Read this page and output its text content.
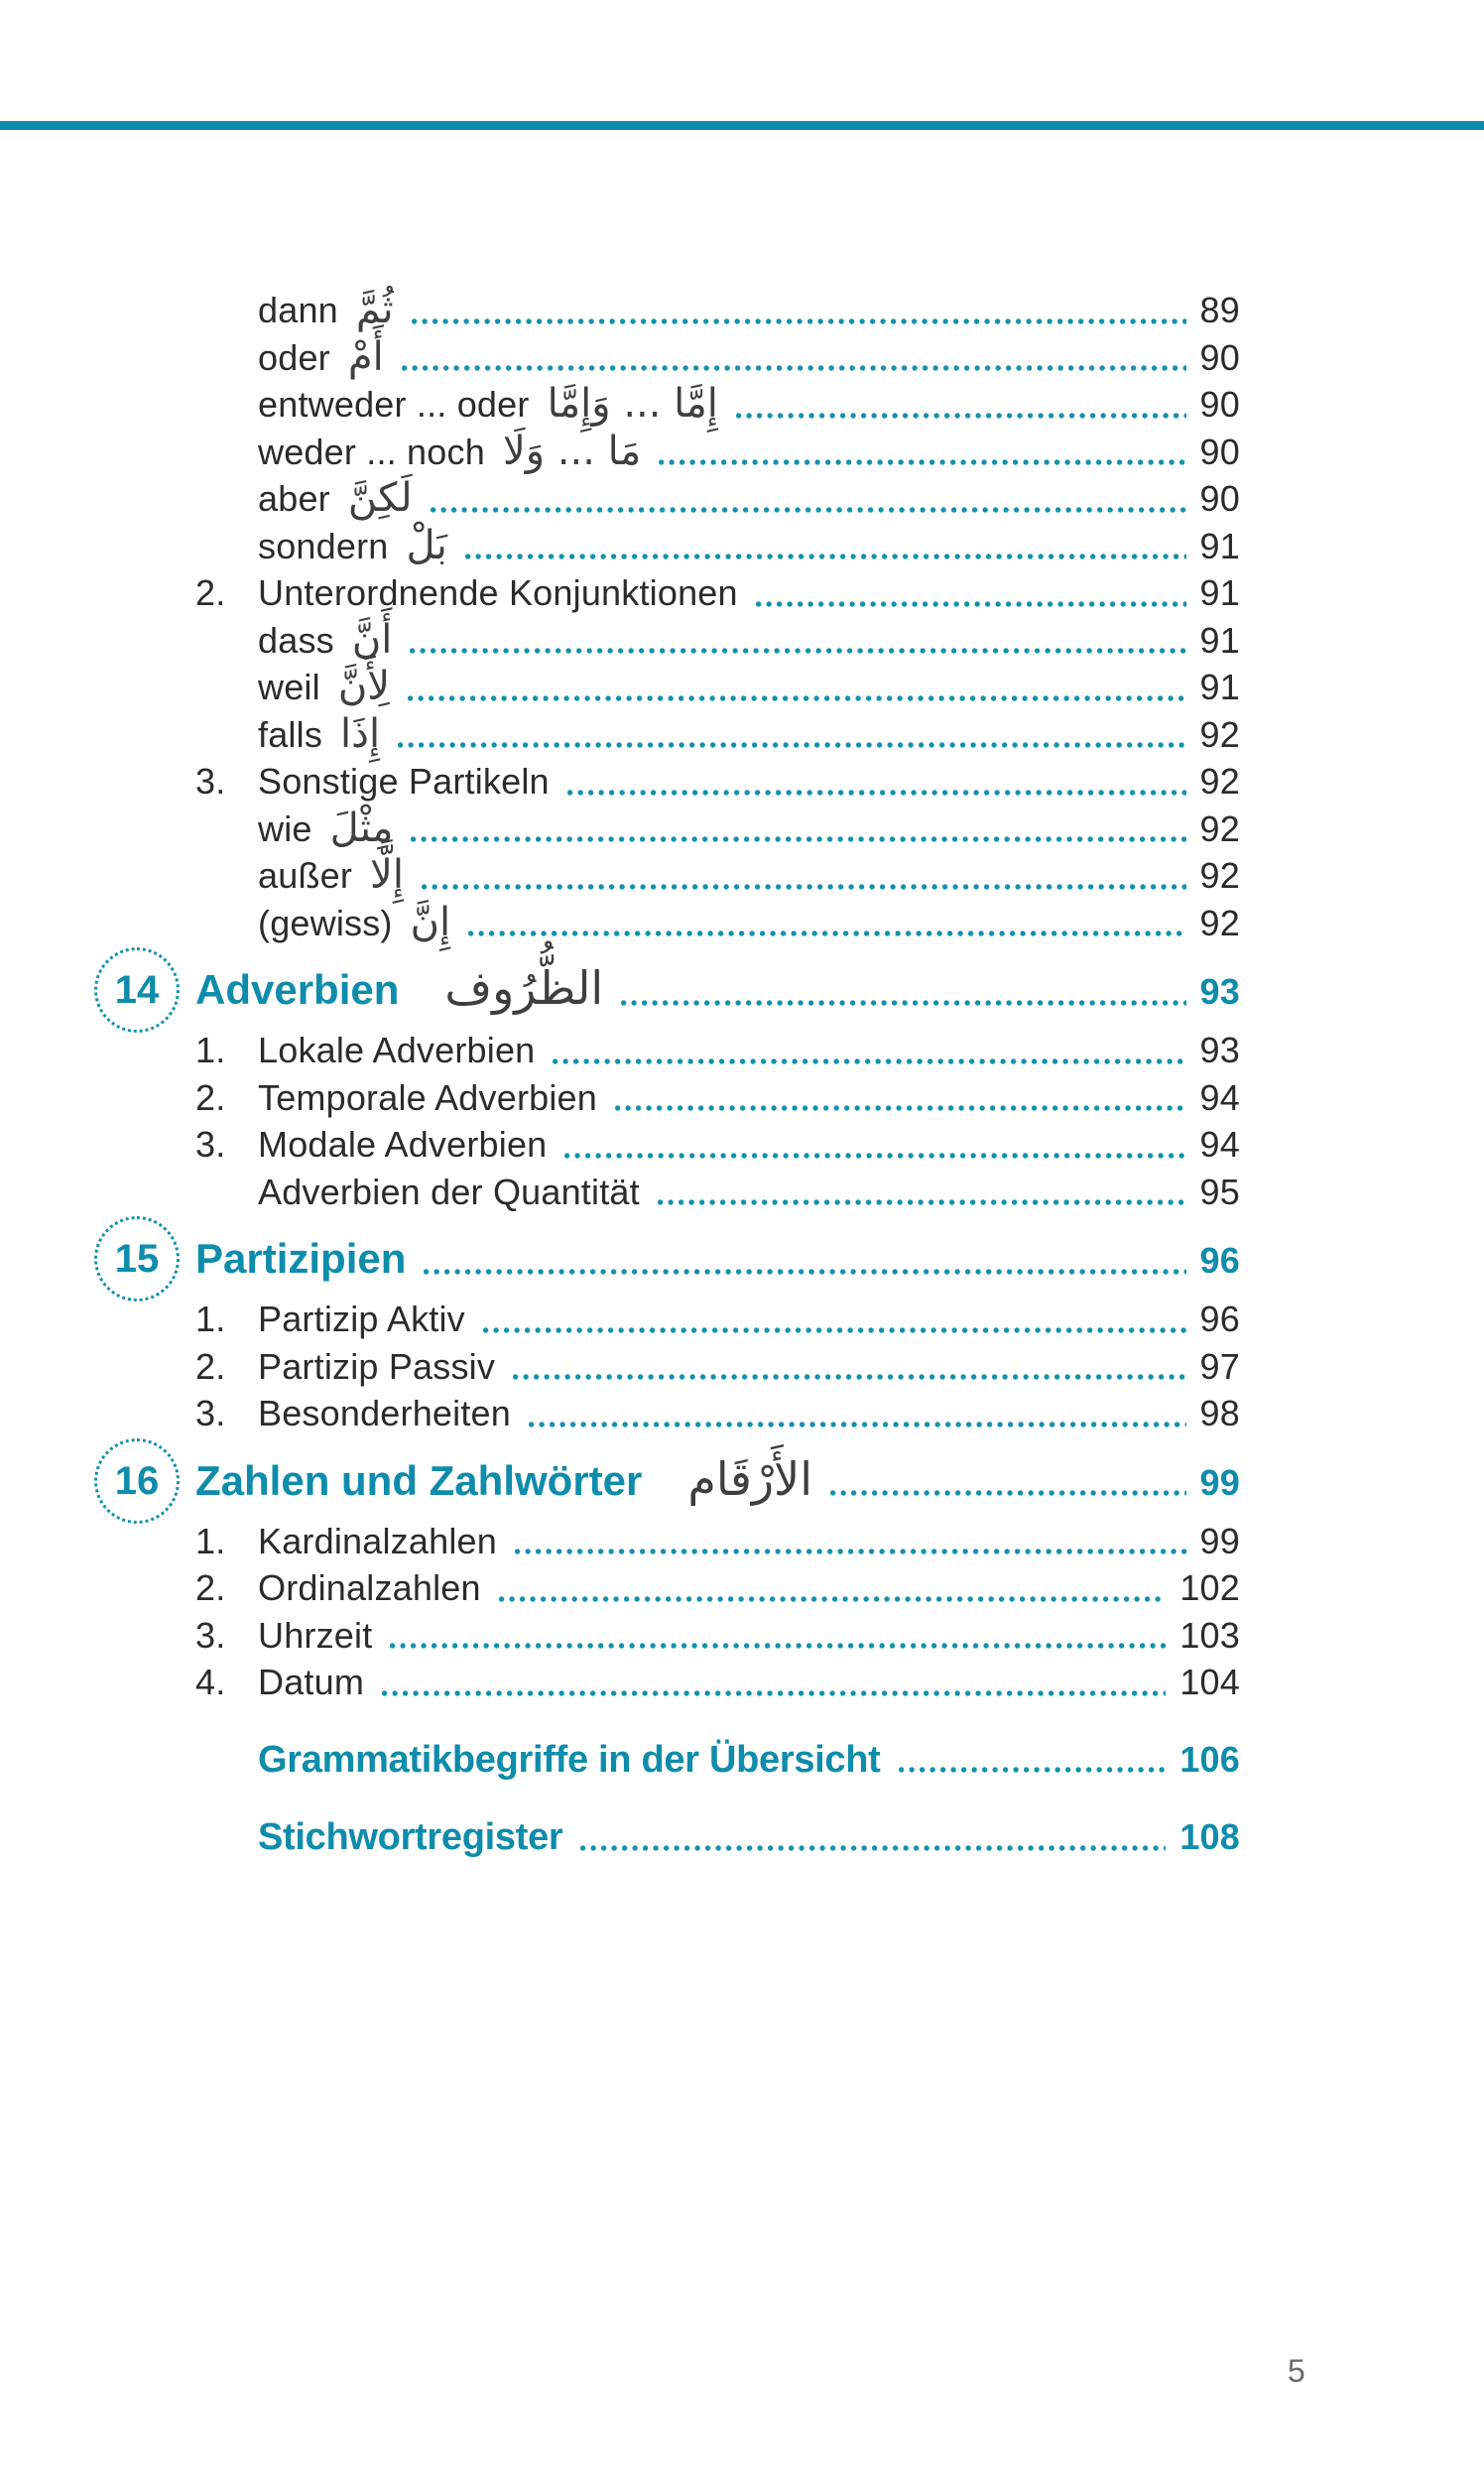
dann ثُمَّ	89
oder أَمْ	90
entweder ... oder إِمَّا ... وَإِمَّا	90
weder ... noch مَا ... وَلَا	90
aber لَكِنَّ	90
sondern بَلْ	91
2. Unterordnende Konjunktionen	91
dass أَنَّ	91
weil لِأَنَّ	91
falls إِذَا	92
3. Sonstige Partikeln	92
wie مِثْلَ	92
außer إِلَّا	92
(gewiss) إِنَّ	92
14 Adverbien الظُّرُوف	93
1. Lokale Adverbien	93
2. Temporale Adverbien	94
3. Modale Adverbien	94
Adverbien der Quantität	95
15 Partizipien	96
1. Partizip Aktiv	96
2. Partizip Passiv	97
3. Besonderheiten	98
16 Zahlen und Zahlwörter الأَرْقَام	99
1. Kardinalzahlen	99
2. Ordinalzahlen	102
3. Uhrzeit	103
4. Datum	104
Grammatikbegriffe in der Übersicht	106
Stichwortregister	108
5
